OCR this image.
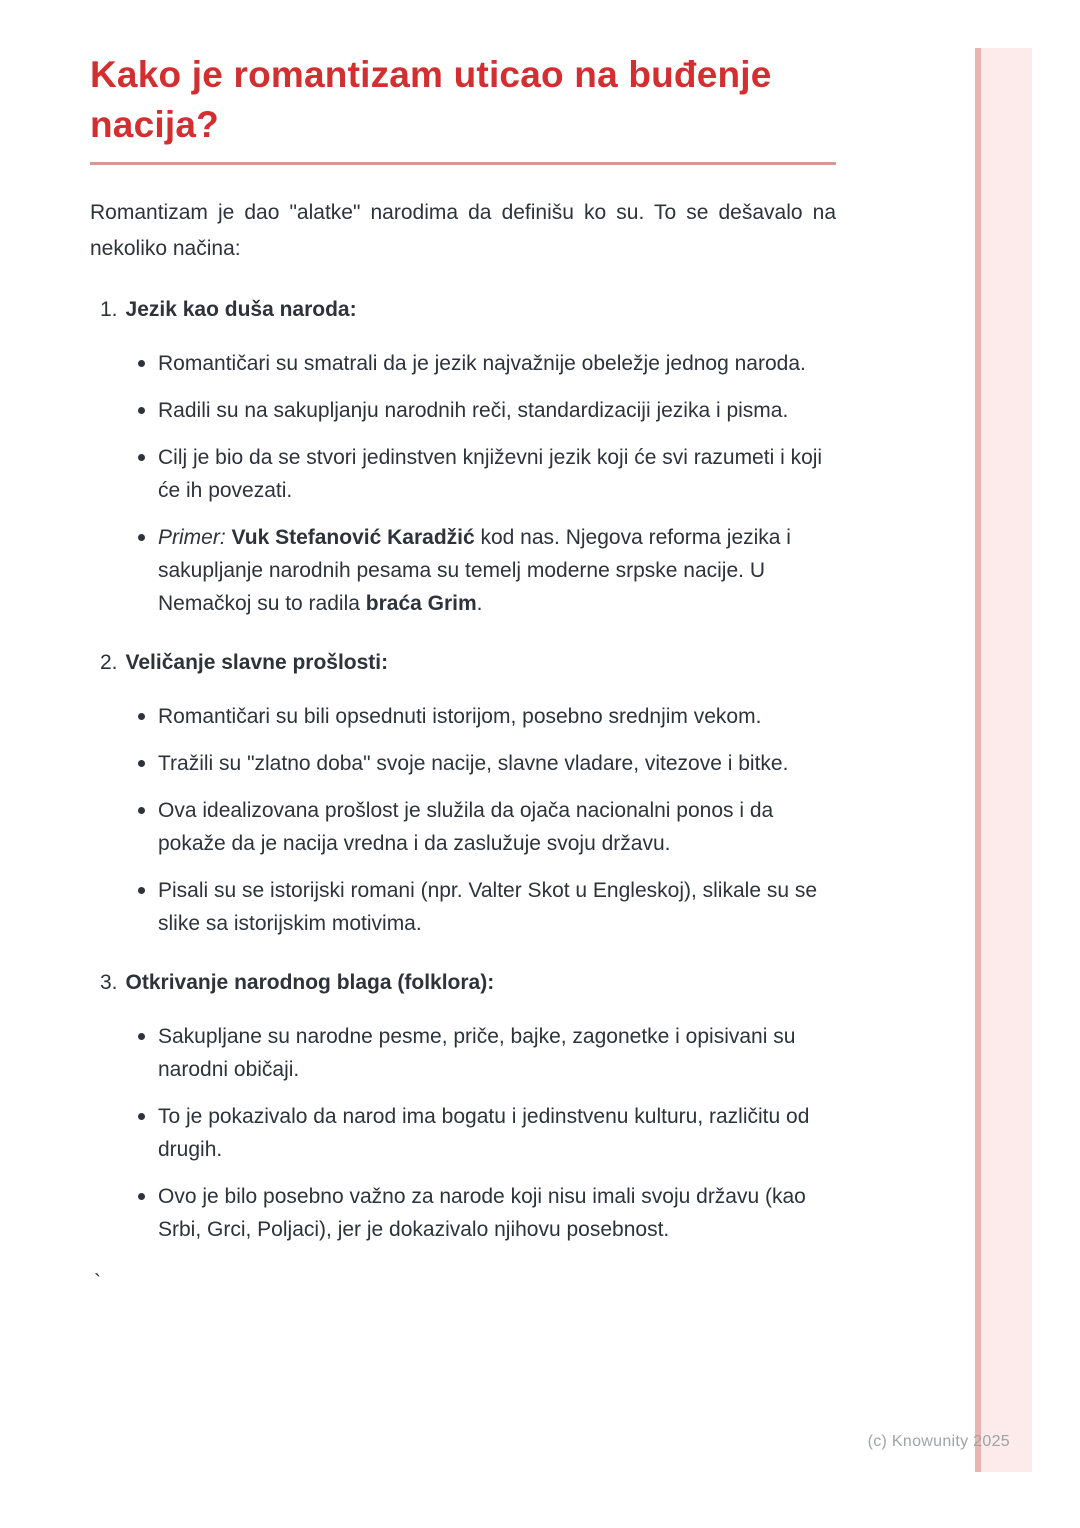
Kako je romantizam uticao na buđenje nacija?

Romantizam je dao "alatke" narodima da definišu ko su. To se dešavalo na nekoliko načina:

1. Jezik kao duša naroda:
Romantičari su smatrali da je jezik najvažnije obeležje jednog naroda.
Radili su na sakupljanju narodnih reči, standardizaciji jezika i pisma.
Cilj je bio da se stvori jedinstven književni jezik koji će svi razumeti i koji će ih povezati.
Primer: Vuk Stefanović Karadžić kod nas. Njegova reforma jezika i sakupljanje narodnih pesama su temelj moderne srpske nacije. U Nemačkoj su to radila braća Grim.
2. Veličanje slavne prošlosti:
Romantičari su bili opsednuti istorijom, posebno srednjim vekom.
Tražili su "zlatno doba" svoje nacije, slavne vladare, vitezove i bitke.
Ova idealizovana prošlost je služila da ojača nacionalni ponos i da pokaže da je nacija vredna i da zaslužuje svoju državu.
Pisali su se istorijski romani (npr. Valter Skot u Engleskoj), slikale su se slike sa istorijskim motivima.
3. Otkrivanje narodnog blaga (folklora):
Sakupljane su narodne pesme, priče, bajke, zagonetke i opisivani su narodni običaji.
To je pokazivalo da narod ima bogatu i jedinstvenu kulturu, različitu od drugih.
Ovo je bilo posebno važno za narode koji nisu imali svoju državu (kao Srbi, Grci, Poljaci), jer je dokazivalo njihovu posebnost.
`
(c) Knowunity 2025
